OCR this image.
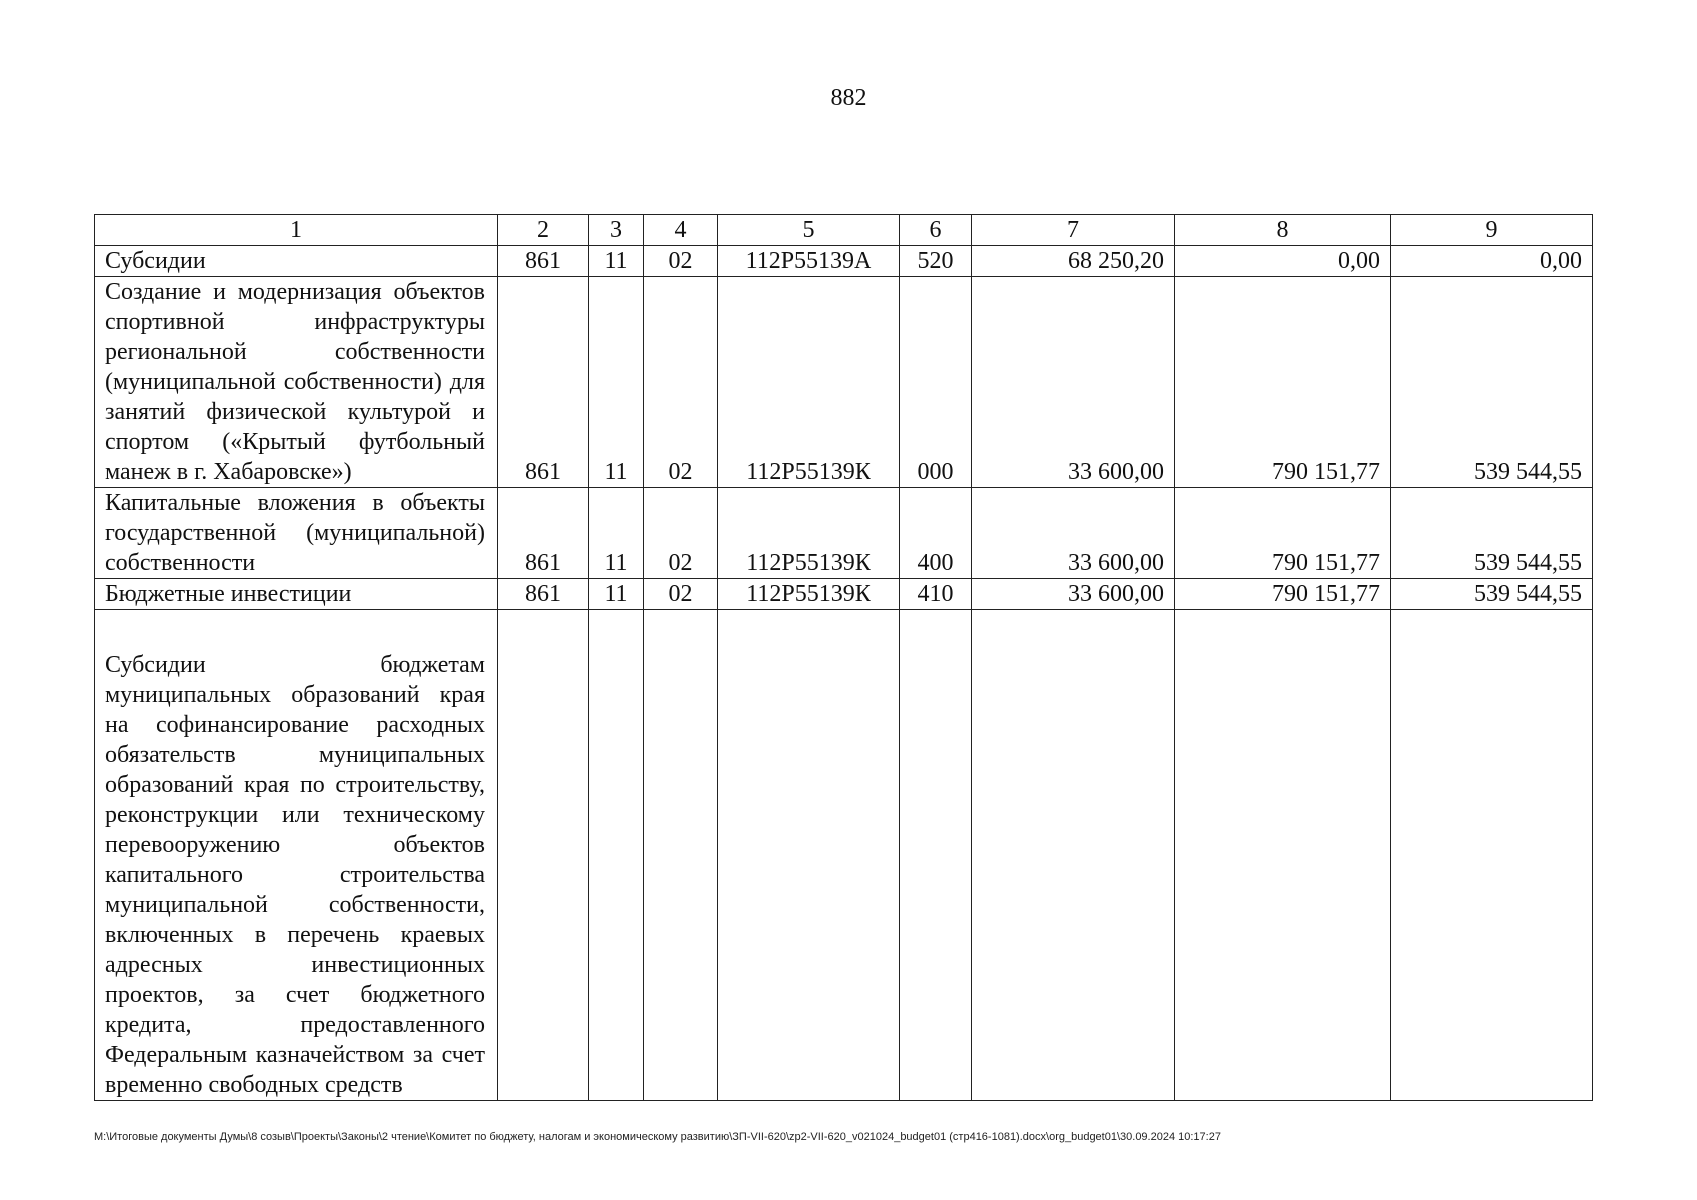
882
1	2	3	4	5	6	7	8	9
Субсидии	861	11	02	112P55139A	520	68 250,20	0,00	0,00
Создание и модернизация объектов спортивной инфраструктуры региональной собственности (муниципальной собственности) для занятий физической культурой и спортом («Крытый футбольный манеж в г. Хабаровске»)	861	11	02	112P55139К	000	33 600,00	790 151,77	539 544,55
Капитальные вложения в объекты государственной (муниципальной) собственности	861	11	02	112P55139К	400	33 600,00	790 151,77	539 544,55
Бюджетные инвестиции	861	11	02	112P55139К	410	33 600,00	790 151,77	539 544,55
Субсидии бюджетам муниципальных образований края на софинансирование расходных обязательств муниципальных образований края по строительству, реконструкции или техническому перевооружению объектов капитального строительства муниципальной собственности, включенных в перечень краевых адресных инвестиционных проектов, за счет бюджетного кредита, предоставленного Федеральным казначейством за счет временно свободных средств								
M:\Итоговые документы Думы\8 созыв\Проекты\Законы\2 чтение\Комитет по бюджету, налогам и экономическому развитию\ЗП-VII-620\zp2-VII-620_v021024_budget01 (стр416-1081).docx\org_budget01\30.09.2024 10:17:27
